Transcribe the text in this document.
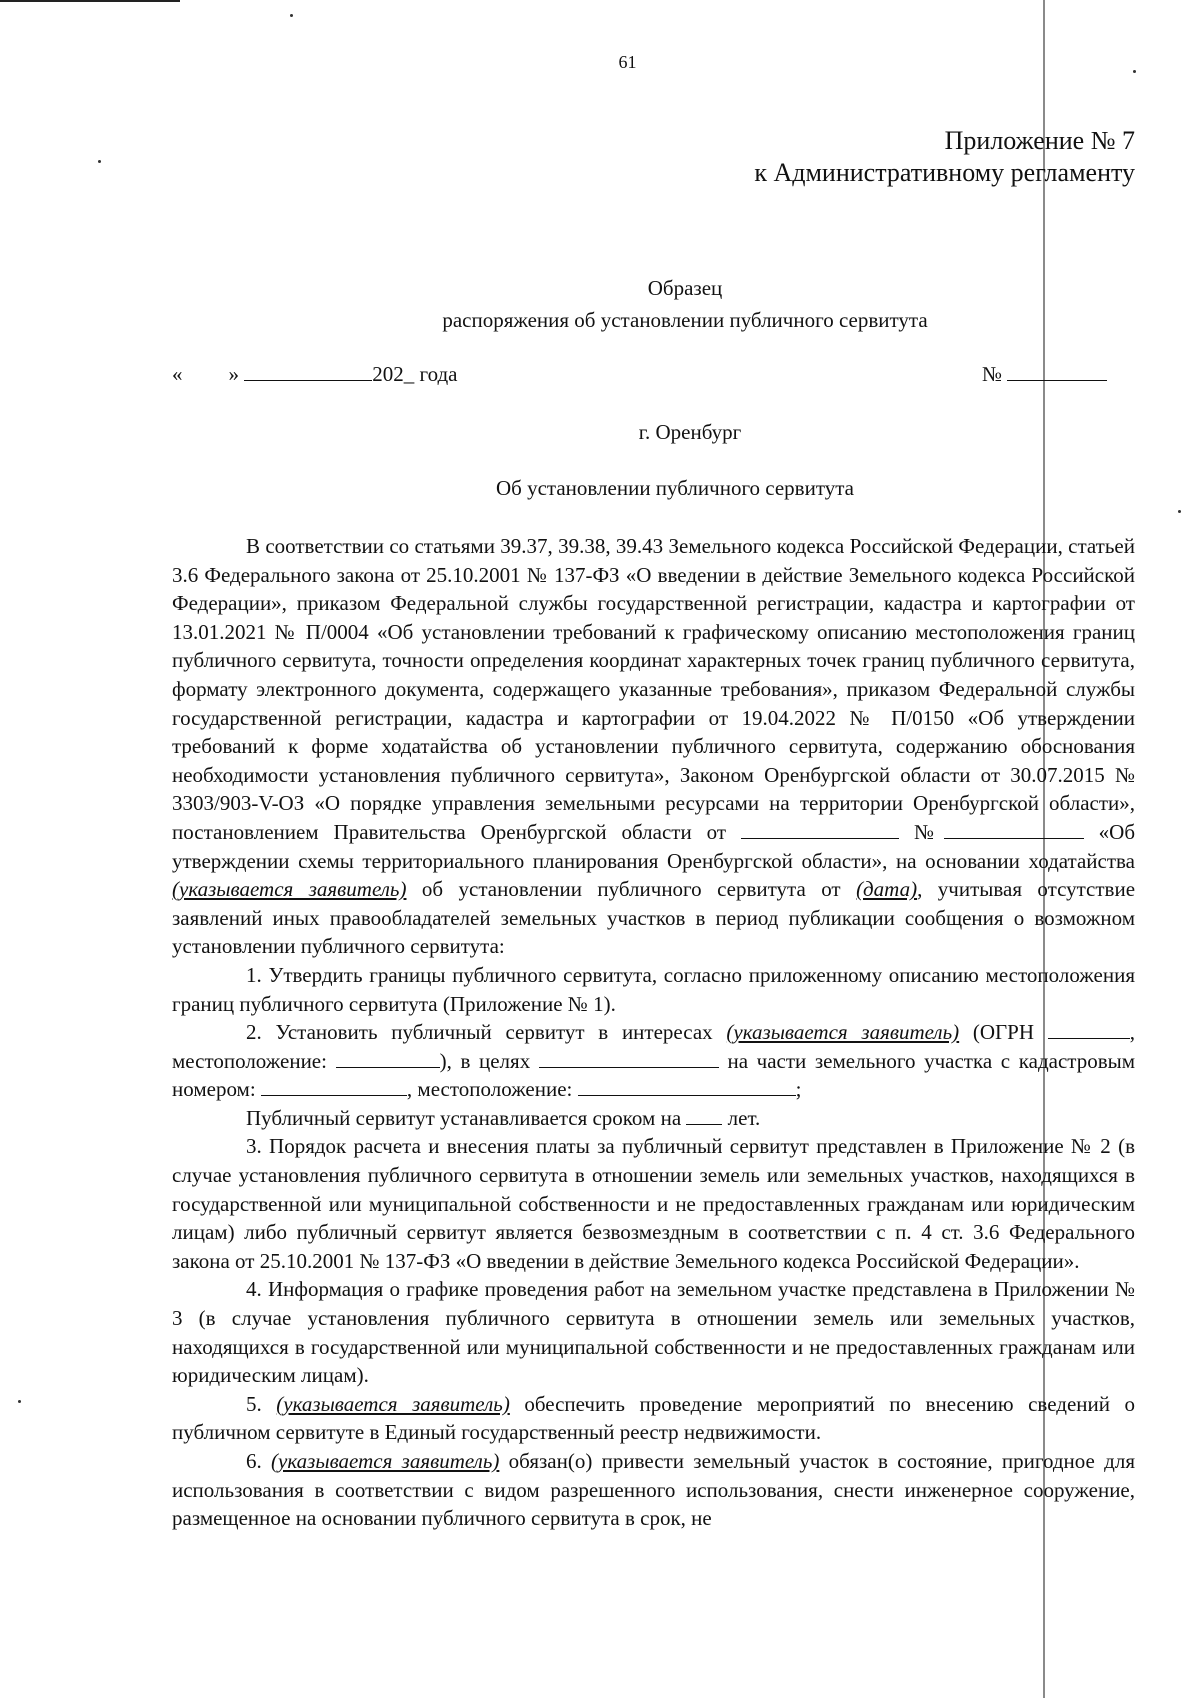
61
Приложение № 7
к Административному регламенту
Образец
распоряжения об установлении публичного сервитута
« »	202_ года	№
г. Оренбург
Об установлении публичного сервитута

В соответствии со статьями 39.37, 39.38, 39.43 Земельного кодекса Российской Федерации, статьей 3.6 Федерального закона от 25.10.2001 № 137-ФЗ «О введении в действие Земельного кодекса Российской Федерации», приказом Федеральной службы государственной регистрации, кадастра и картографии от 13.01.2021 № П/0004 «Об установлении требований к графическому описанию местоположения границ публичного сервитута, точности определения координат характерных точек границ публичного сервитута, формату электронного документа, содержащего указанные требования», приказом Федеральной службы государственной регистрации, кадастра и картографии от 19.04.2022 № П/0150 «Об утверждении требований к форме ходатайства об установлении публичного сервитута, содержанию обоснования необходимости установления публичного сервитута», Законом Оренбургской области от 30.07.2015 № 3303/903-V-ОЗ «О порядке управления земельными ресурсами на территории Оренбургской области», постановлением Правительства Оренбургской области от	№	«Об утверждении схемы территориального планирования Оренбургской области», на основании ходатайства (указывается заявитель) об установлении публичного сервитута от (дата), учитывая отсутствие заявлений иных правообладателей земельных участков в период публикации сообщения о возможном установлении публичного сервитута:

1. Утвердить границы публичного сервитута, согласно приложенному описанию местоположения границ публичного сервитута (Приложение № 1).

2. Установить публичный сервитут в интересах (указывается заявитель) (ОГРН	, местоположение:	), в целях	на части земельного участка с кадастровым номером:	, местоположение:	;

Публичный сервитут устанавливается сроком на лет.

3. Порядок расчета и внесения платы за публичный сервитут представлен в Приложение № 2 (в случае установления публичного сервитута в отношении земель или земельных участков, находящихся в государственной или муниципальной собственности и не предоставленных гражданам или юридическим лицам) либо публичный сервитут является безвозмездным в соответствии с п. 4 ст. 3.6 Федерального закона от 25.10.2001 № 137-ФЗ «О введении в действие Земельного кодекса Российской Федерации».

4. Информация о графике проведения работ на земельном участке представлена в Приложении № 3 (в случае установления публичного сервитута в отношении земель или земельных участков, находящихся в государственной или муниципальной собственности и не предоставленных гражданам или юридическим лицам).

5. (указывается заявитель) обеспечить проведение мероприятий по внесению сведений о публичном сервитуте в Единый государственный реестр недвижимости.

6. (указывается заявитель) обязан(о) привести земельный участок в состояние, пригодное для использования в соответствии с видом разрешенного использования, снести инженерное сооружение, размещенное на основании публичного сервитута в срок, не
